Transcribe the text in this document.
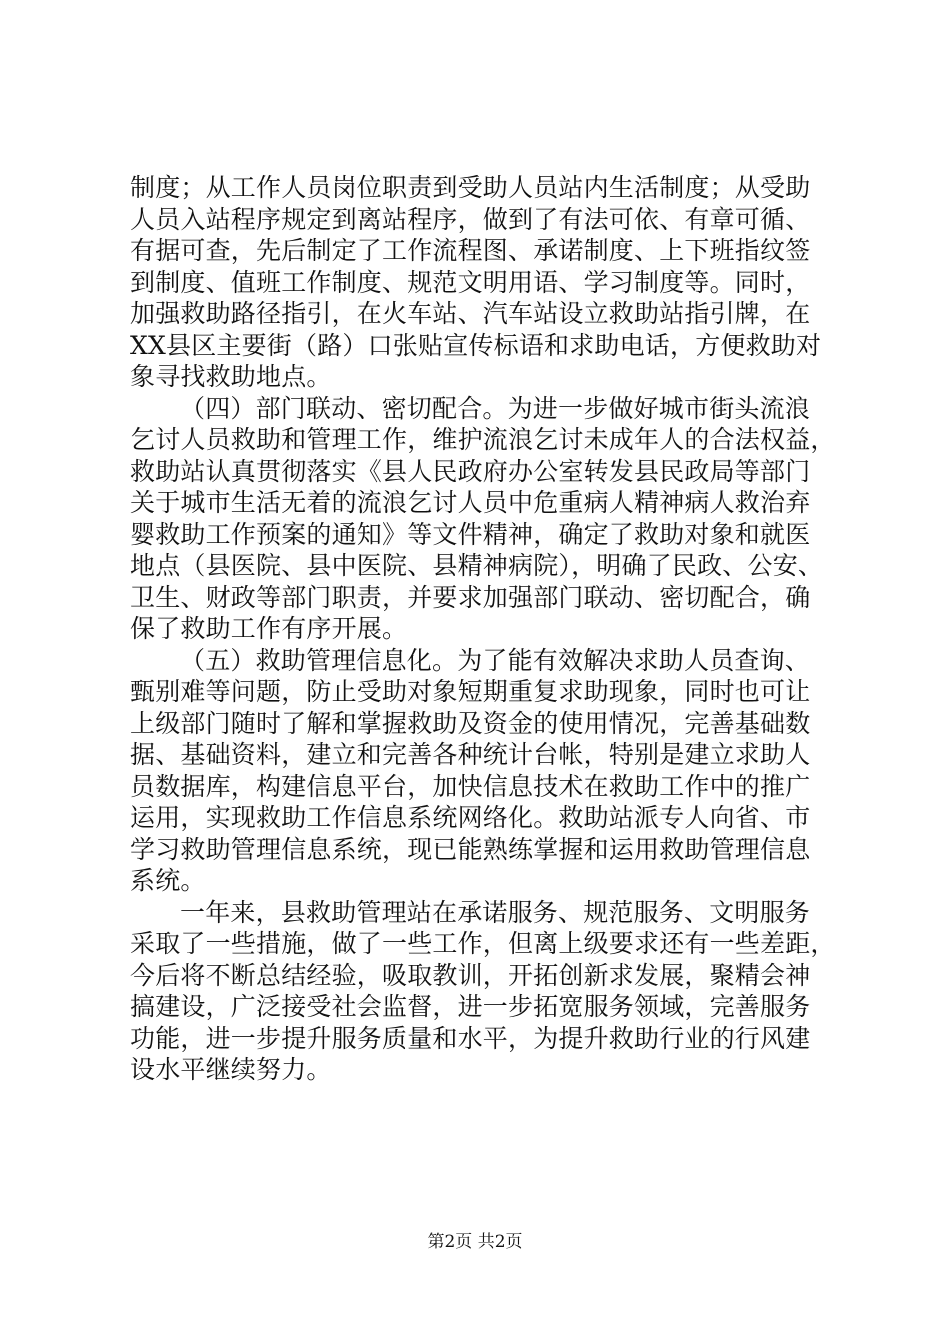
制度；从工作人员岗位职责到受助人员站内生活制度；从受助
人员入站程序规定到离站程序，做到了有法可依、有章可循、
有据可查，先后制定了工作流程图、承诺制度、上下班指纹签
到制度、值班工作制度、规范文明用语、学习制度等。同时，
加强救助路径指引，在火车站、汽车站设立救助站指引牌，在
XX县区主要街（路）口张贴宣传标语和求助电话，方便救助对
象寻找救助地点。
（四）部门联动、密切配合。为进一步做好城市街头流浪
乞讨人员救助和管理工作，维护流浪乞讨未成年人的合法权益，
救助站认真贯彻落实《县人民政府办公室转发县民政局等部门
关于城市生活无着的流浪乞讨人员中危重病人精神病人救治弃
婴救助工作预案的通知》等文件精神，确定了救助对象和就医
地点（县医院、县中医院、县精神病院），明确了民政、公安、
卫生、财政等部门职责，并要求加强部门联动、密切配合，确
保了救助工作有序开展。
（五）救助管理信息化。为了能有效解决求助人员查询、
甄别难等问题，防止受助对象短期重复求助现象，同时也可让
上级部门随时了解和掌握救助及资金的使用情况，完善基础数
据、基础资料，建立和完善各种统计台帐，特别是建立求助人
员数据库，构建信息平台，加快信息技术在救助工作中的推广
运用，实现救助工作信息系统网络化。救助站派专人向省、市
学习救助管理信息系统，现已能熟练掌握和运用救助管理信息
系统。
一年来，县救助管理站在承诺服务、规范服务、文明服务
采取了一些措施，做了一些工作，但离上级要求还有一些差距，
今后将不断总结经验，吸取教训，开拓创新求发展，聚精会神
搞建设，广泛接受社会监督，进一步拓宽服务领域，完善服务
功能，进一步提升服务质量和水平，为提升救助行业的行风建
设水平继续努力。
第2页 共2页
